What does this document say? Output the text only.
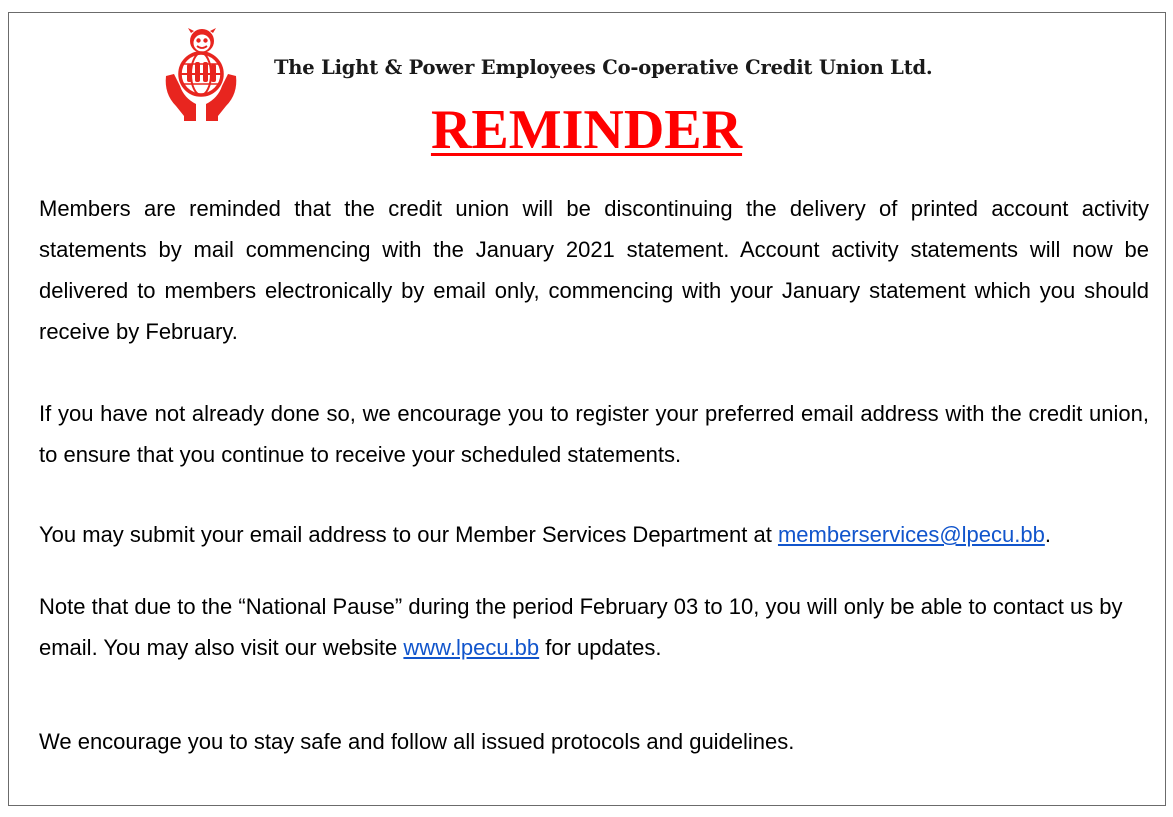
The Light & Power Employees Co-operative Credit Union Ltd.
REMINDER

Members are reminded that the credit union will be discontinuing the delivery of printed account activity statements by mail commencing with the January 2021 statement. Account activity statements will now be delivered to members electronically by email only, commencing with your January statement which you should receive by February.

If you have not already done so, we encourage you to register your preferred email address with the credit union, to ensure that you continue to receive your scheduled statements.

You may submit your email address to our Member Services Department at memberservices@lpecu.bb.

Note that due to the “National Pause” during the period February 03 to 10, you will only be able to contact us by email. You may also visit our website www.lpecu.bb for updates.

We encourage you to stay safe and follow all issued protocols and guidelines.
